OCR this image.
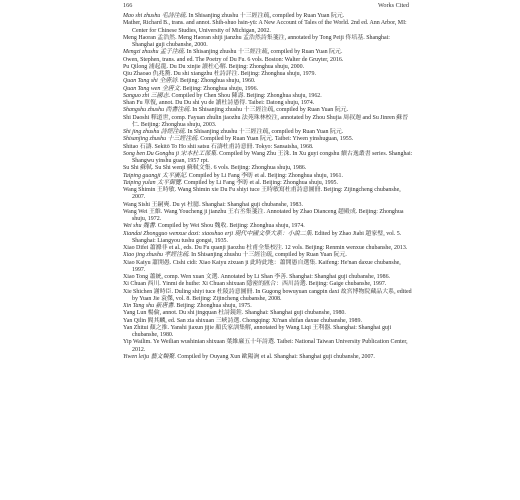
166	Works Cited
Mao shi zhushu 毛詩注疏. In Shisanjing zhushu 十三經注疏, compiled by Ruan Yuan 阮元.
Mather, Richard B., trans. and annot. Shih-shuo hsin-yü: A New Account of Tales of the World. 2nd ed. Ann Arbor, MI: Center for Chinese Studies, University of Michigan, 2002.
Meng Haoran 孟浩然. Meng Haoran shiji jianzhu 孟浩然詩集箋注, annotated by Tong Peiji 佟培基. Shanghai: Shanghai guji chubanshe, 2000.
Mengzi zhushu 孟子注疏. In Shisanjing zhushu 十三經注疏, compiled by Ruan Yuan 阮元.
Owen, Stephen, trans. and ed. The Poetry of Du Fu. 6 vols. Boston: Walter de Gruyter, 2016.
Pu Qilong 浦起龍. Du Du xinjie 讀杜心解. Beijing: Zhonghua shuju, 2000.
Qiu Zhaoao 仇兆鰲. Du shi xiangzhu 杜詩詳注. Beijing: Zhonghua shuju, 1979.
Quan Tang shi 全唐詩. Beijing: Zhonghua shuju, 1960.
Quan Tang wen 全唐文. Beijing: Zhonghua shuju, 1996.
Sanguo zhi 三國志. Compiled by Chen Shou 陳壽. Beijing: Zhonghua shuju, 1962.
Shan Fu 單復, annot. Du Du shi yu de 讀杜詩愚得. Taibei: Datong shuju, 1974.
Shangshu zhushu 尚書注疏. In Shisanjing zhushu 十三經注疏, compiled by Ruan Yuan 阮元.
Shi Daoshi 釋道世, comp. Fayuan zhulin jiaozhu 法苑珠林校注, annotated by Zhou Shujia 周叔迦 and Su Jinren 蘇晉仁. Beijing: Zhonghua shuju, 2003.
Shi jing zhushu 詩經注疏. In Shisanjing zhushu 十三經注疏, compiled by Ruan Yuan 阮元.
Shisanjing zhushu 十三經注疏. Compiled by Ruan Yuan 阮元. Taibei: Yiwen yinshuguan, 1955.
Shitao 石濤. Sekitō To Ho shii satsu 石濤杜甫詩意冊. Tokyo: Sansaisha, 1968.
Song ben Du Gongbu ji 宋本杜工部集. Compiled by Wang Zhu 王洙. In Xu guyi congshu 續古逸叢書 series. Shanghai: Shangwu yinshu guan, 1957 rpt.
Su Shi 蘇軾. Su Shi wenji 蘇軾文集. 6 vols. Beijing: Zhonghua shuju, 1986.
Taiping guangji 太平廣記. Compiled by Li Fang 李昉 et al. Beijing: Zhonghua shuju, 1961.
Taiping yulan 太平御覽. Compiled by Li Fang 李昉 et al. Beijing: Zhonghua shuju, 1995.
Wang Shimin 王時敏. Wang Shimin xie Du Fu shiyi tuce 王時敏寫杜甫詩意圖冊. Beijing: Zijingcheng chubanshe, 2007.
Wang Sishi 王嗣奭. Du yi 杜臆. Shanghai: Shanghai guji chubanshe, 1983.
Wang Wei 王維. Wang Youcheng ji jianzhu 王右丞集箋注. Annotated by Zhao Dianceng 趙殿成. Beijing: Zhonghua shuju, 1972.
Wei shu 魏書. Compiled by Wei Shou 魏收. Beijing: Zhonghua shuju, 1974.
Xiandai Zhongguo wenxue daxi: xiaoshuo erji 現代中國文學大系：小說二集. Edited by Zhao Jiabi 趙家璧, vol. 5. Shanghai: Liangyou tushu gongsi, 1935.
Xiao Difei 蕭滌非 et al., eds. Du Fu quanji jiaozhu 杜甫全集校注. 12 vols. Beijing: Renmin wenxue chubanshe, 2013.
Xiao jing zhushu 孝經注疏. In Shisanjing zhushu 十三經注疏, compiled by Ruan Yuan 阮元.
Xiao Kaiyu 蕭開愚. Cishi cidi: Xiao Kaiyu zixuan ji 此時此地：蕭開愚自選集. Kaifeng: He'nan daxue chubanshe, 1997.
Xiao Tong 蕭統, comp. Wen xuan 文選. Annotated by Li Shan 李善. Shanghai: Shanghai guji chubanshe, 1986.
Xi Chuan 西川. Yinmi de huihe: Xi Chuan shixuan 隱密的匯合：西川詩選. Beijing: Gaige chubanshe, 1997.
Xie Shichen 謝時臣. Duling shiyi tuce 杜陵詩意圖冊. In Gugong bowuyuan cangpin daxi 故宮博物院藏品大系, edited by Yuan Jie 袁傑, vol. 8. Beijing: Zijincheng chubanshe, 2008.
Xin Tang shu 新唐書. Beijing: Zhonghua shuju, 1975.
Yang Lun 楊倫, annot. Du shi jingquan 杜詩鏡銓. Shanghai: Shanghai guji chubanshe, 1980.
Yan Qilin 閻其麟, ed. San zia shixuan 三峽詩選. Chongqing: Xi'nan shifan daxue chubanshe, 1989.
Yan Zhitui 顏之推. Yanshi jiaxun jijie 顏氏家訓集解, annotated by Wang Liqi 王利器. Shanghai: Shanghai guji chubanshe, 1980.
Yip Wailim. Ye Weilian wushinian shixuan 葉維廉五十年詩選. Taibei: National Taiwan University Publication Center, 2012.
Yiwen leiju 藝文類聚. Compiled by Ouyang Xun 歐陽詢 et al. Shanghai: Shanghai guji chubanshe, 2007.
